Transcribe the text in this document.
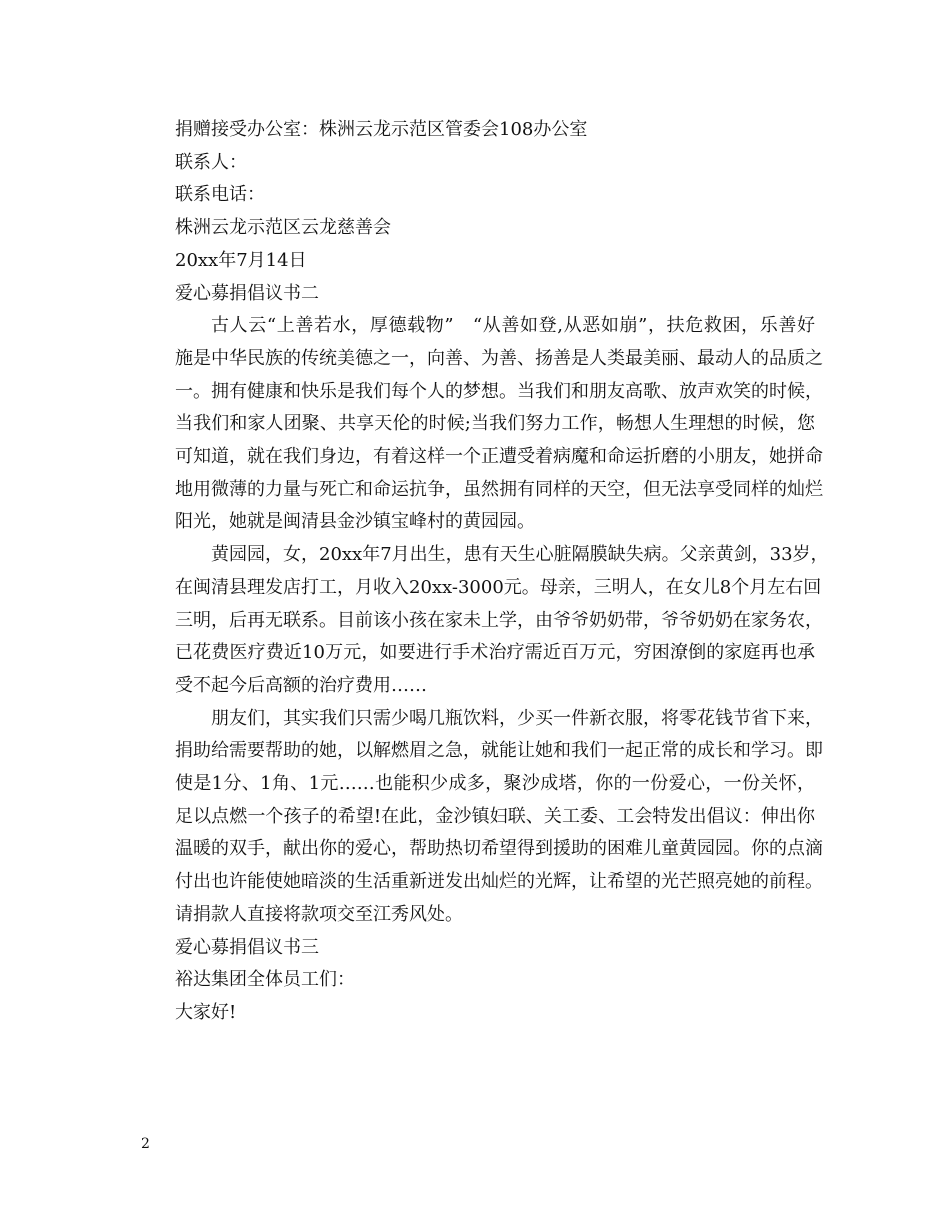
捐赠接受办公室：株洲云龙示范区管委会108办公室
联系人：
联系电话：
株洲云龙示范区云龙慈善会
20xx年7月14日
爱心募捐倡议书二
古人云“上善若水，厚德载物”　“从善如登,从恶如崩”，扶危救困，乐善好
施是中华民族的传统美德之一，向善、为善、扬善是人类最美丽、最动人的品质之
一。拥有健康和快乐是我们每个人的梦想。当我们和朋友高歌、放声欢笑的时候，
当我们和家人团聚、共享天伦的时候;当我们努力工作，畅想人生理想的时候，您
可知道，就在我们身边，有着这样一个正遭受着病魔和命运折磨的小朋友，她拼命
地用微薄的力量与死亡和命运抗争，虽然拥有同样的天空，但无法享受同样的灿烂
阳光，她就是闽清县金沙镇宝峰村的黄园园。
黄园园，女，20xx年7月出生，患有天生心脏隔膜缺失病。父亲黄剑，33岁，
在闽清县理发店打工，月收入20xx-3000元。母亲，三明人，在女儿8个月左右回
三明，后再无联系。目前该小孩在家未上学，由爷爷奶奶带，爷爷奶奶在家务农，
已花费医疗费近10万元，如要进行手术治疗需近百万元，穷困潦倒的家庭再也承
受不起今后高额的治疗费用……
朋友们，其实我们只需少喝几瓶饮料，少买一件新衣服，将零花钱节省下来，
捐助给需要帮助的她，以解燃眉之急，就能让她和我们一起正常的成长和学习。即
使是1分、1角、1元……也能积少成多，聚沙成塔，你的一份爱心，一份关怀，
足以点燃一个孩子的希望!在此，金沙镇妇联、关工委、工会特发出倡议：伸出你
温暖的双手，献出你的爱心，帮助热切希望得到援助的困难儿童黄园园。你的点滴
付出也许能使她暗淡的生活重新迸发出灿烂的光辉，让希望的光芒照亮她的前程。
请捐款人直接将款项交至江秀风处。
爱心募捐倡议书三
裕达集团全体员工们：
大家好!
2
